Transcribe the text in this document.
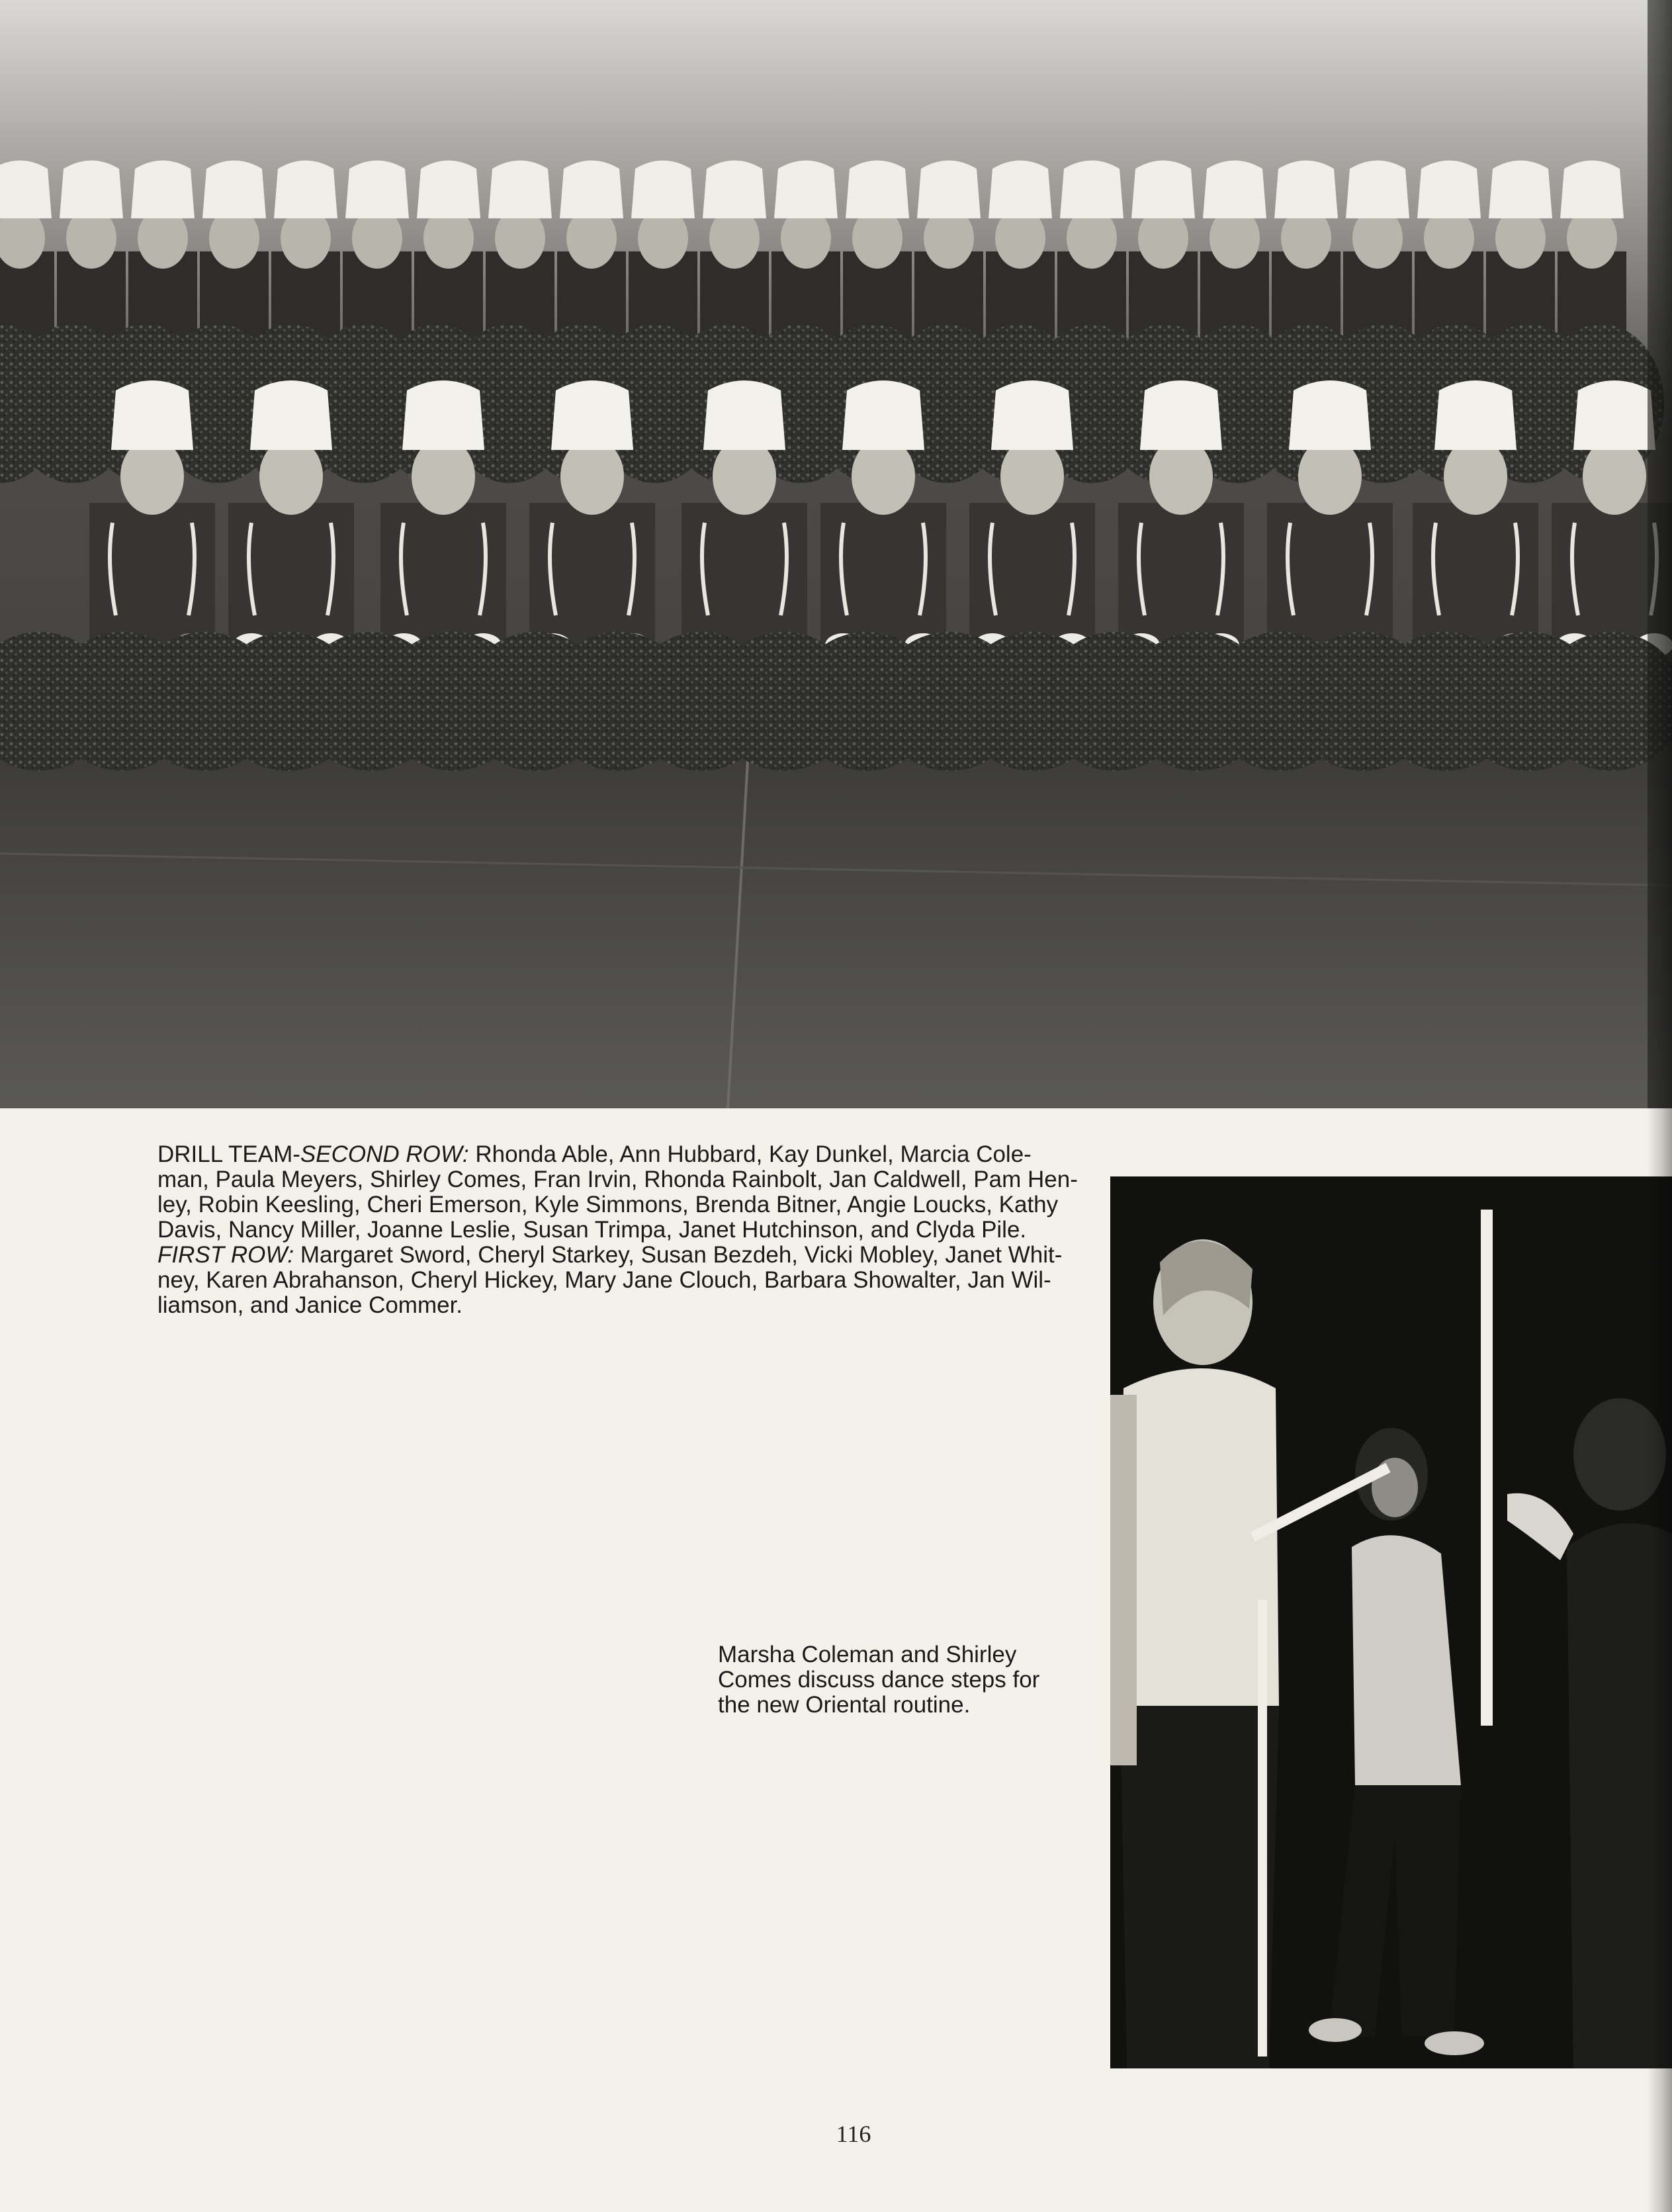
DRILL TEAM-SECOND ROW: Rhonda Able, Ann Hubbard, Kay Dunkel, Marcia Cole-
man, Paula Meyers, Shirley Comes, Fran Irvin, Rhonda Rainbolt, Jan Caldwell, Pam Hen-
ley, Robin Keesling, Cheri Emerson, Kyle Simmons, Brenda Bitner, Angie Loucks, Kathy
Davis, Nancy Miller, Joanne Leslie, Susan Trimpa, Janet Hutchinson, and Clyda Pile.
FIRST ROW: Margaret Sword, Cheryl Starkey, Susan Bezdeh, Vicki Mobley, Janet Whit-
ney, Karen Abrahanson, Cheryl Hickey, Mary Jane Clouch, Barbara Showalter, Jan Wil-
liamson, and Janice Commer.

Marsha Coleman and Shirley
Comes discuss dance steps for
the new Oriental routine.

116
